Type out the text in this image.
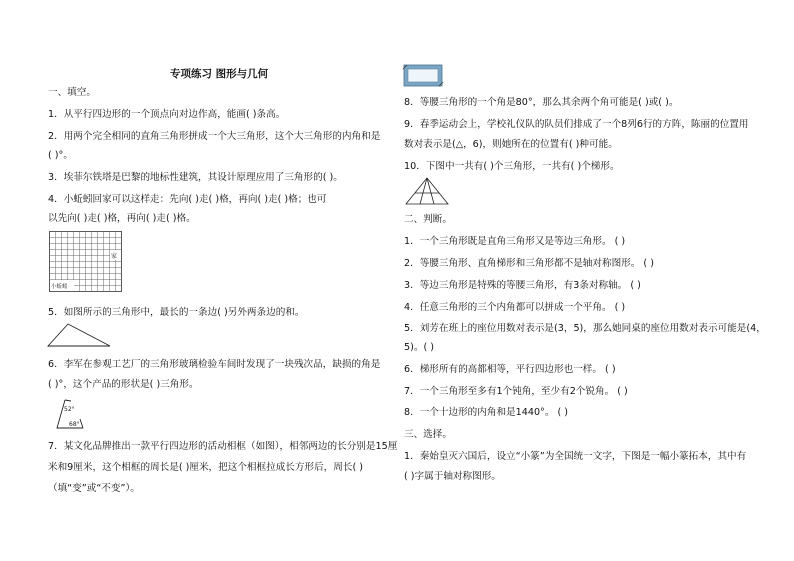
专项练习 图形与几何
一、填空。
1．从平行四边形的一个顶点向对边作高，能画( )条高。
2．用两个完全相同的直角三角形拼成一个大三角形，这个大三角形的内角和是
( )°。
3．埃菲尔铁塔是巴黎的地标性建筑，其设计原理应用了三角形的( )。
4．小蚯蚓回家可以这样走：先向( )走( )格，再向( )走( )格；也可
以先向( )走( )格，再向( )走( )格。
家
小蚯蚓
5．如图所示的三角形中，最长的一条边( )另外两条边的和。
6．李军在参观工艺厂的三角形玻璃检验车间时发现了一块残次品，缺损的角是
( )°，这个产品的形状是( )三角形。
52°
68°
7．某文化品牌推出一款平行四边形的活动相框（如图），相邻两边的长分别是15厘
米和9厘米，这个相框的周长是( )厘米，把这个相框拉成长方形后，周长( )
（填“变”或“不变”）。
8．等腰三角形的一个角是80°，那么其余两个角可能是( )或( )。
9．春季运动会上，学校礼仪队的队员们排成了一个8列6行的方阵，陈丽的位置用
数对表示是(△，6)，则她所在的位置有( )种可能。
10．下图中一共有( )个三角形，一共有( )个梯形。
二、判断。
1．一个三角形既是直角三角形又是等边三角形。 ( )
2．等腰三角形、直角梯形和三角形都不是轴对称图形。 ( )
3．等边三角形是特殊的等腰三角形，有3条对称轴。 ( )
4．任意三角形的三个内角都可以拼成一个平角。 ( )
5．刘芳在班上的座位用数对表示是(3，5)，那么她同桌的座位用数对表示可能是(4，
5)。( )
6．梯形所有的高都相等，平行四边形也一样。 ( )
7．一个三角形至多有1个钝角，至少有2个锐角。 ( )
8．一个十边形的内角和是1440°。 ( )
三、选择。
1．秦始皇灭六国后，设立“小篆”为全国统一文字，下图是一幅小篆拓本，其中有
( )字属于轴对称图形。
